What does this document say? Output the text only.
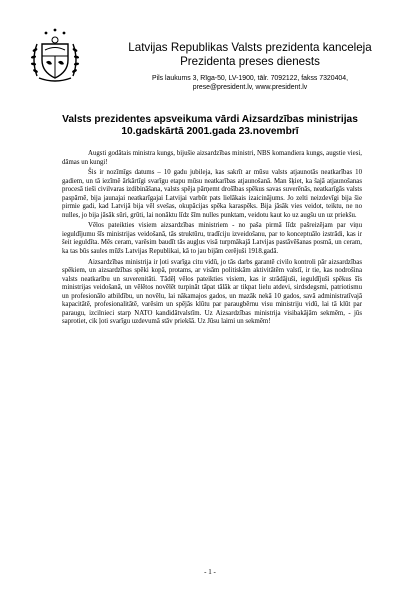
Latvijas Republikas Valsts prezidenta kanceleja
Prezidenta preses dienests
Pils laukums 3, Rīga-50, LV-1900, tālr. 7092122, fakss 7320404,
prese@president.lv, www.president.lv
Valsts prezidentes apsveikuma vārdi Aizsardzības ministrijas
10.gadskārtā 2001.gada 23.novembrī

Augsti godātais ministra kungs, bijušie aizsardzības ministri, NBS komandiera kungs, augstie viesi, dāmas un kungi!

Šis ir nozīmīgs datums – 10 gadu jubileja, kas sakrīt ar mūsu valsts atjaunotās neatkarības 10 gadiem, un tā iezīmē ārkārtīgi svarīgu etapu mūsu neatkarības atjaunošanā. Man šķiet, ka šajā atjaunošanas procesā tieši civilvaras izdibināšana, valsts spēja pārņemt drošības spēkus savas suverēnās, neatkarīgās valsts paspārnē, bija jaunajai neatkarīgajai Latvijai varbūt pats lielākais izaicinājums. Jo zelti neizdevīgi bija šie pirmie gadi, kad Latvijā bija vēl svešas, okupācijas spēka karaspēks. Bija jāsāk vies veidot, teiktu, ne no nulles, jo bija jāsāk sūri, grūti, lai nonāktu līdz šīm nulles punktam, veidotu kaut ko uz augšu un uz priekšu.

Vēlos pateikties visiem aizsardzības ministriem - no paša pirmā līdz pašreizējam par viņu ieguldījumu šīs ministrijas veidošanā, tās struktūru, tradīciju izveidošanu, par to konceptuālo izstrādi, kas ir šeit ieguldīta. Mēs ceram, varēsim baudīt tās augļus visā turpmākajā Latvijas pastāvēšanas posmā, un ceram, ka tas būs saules mūžs Latvijas Republikai, kā to jau bijām cerējuši 1918.gadā.

Aizsardzības ministrija ir ļoti svarīga citu vidū, jo tās darbs garantē civilo kontroli pār aizsardzības spēkiem, un aizsardzības spēki kopā, protams, ar visām politiskām aktivitātēm valstī, ir tie, kas nodrošina valsts neatkarību un suverenitāti. Tādēļ vēlos pateikties visiem, kas ir strādājuši, ieguldījuši spēkus šīs ministrijas veidošanā, un vēlētos novēlēt turpināt tāpat tālāk ar tikpat lielu atdevi, sirdsdegsmi, patriotismu un profesionālo atbildību, un novēlu, lai nākamajos gados, un mazāk nekā 10 gados, savā administratīvajā kapacitātē, profesionalitātē, varēsim un spējās klūtu par paraugbērnu visu ministriju vidū, lai tā klūt par paraugu, izcilnieci starp NATO kandidātvalstīm. Uz Aizsardzības ministrija visibakājām sekmēm, - jūs saprotiet, cik ļoti svarīgu uzdevumā stāv priekšā. Uz Jūsu laimi un sekmēm!

- 1 -
